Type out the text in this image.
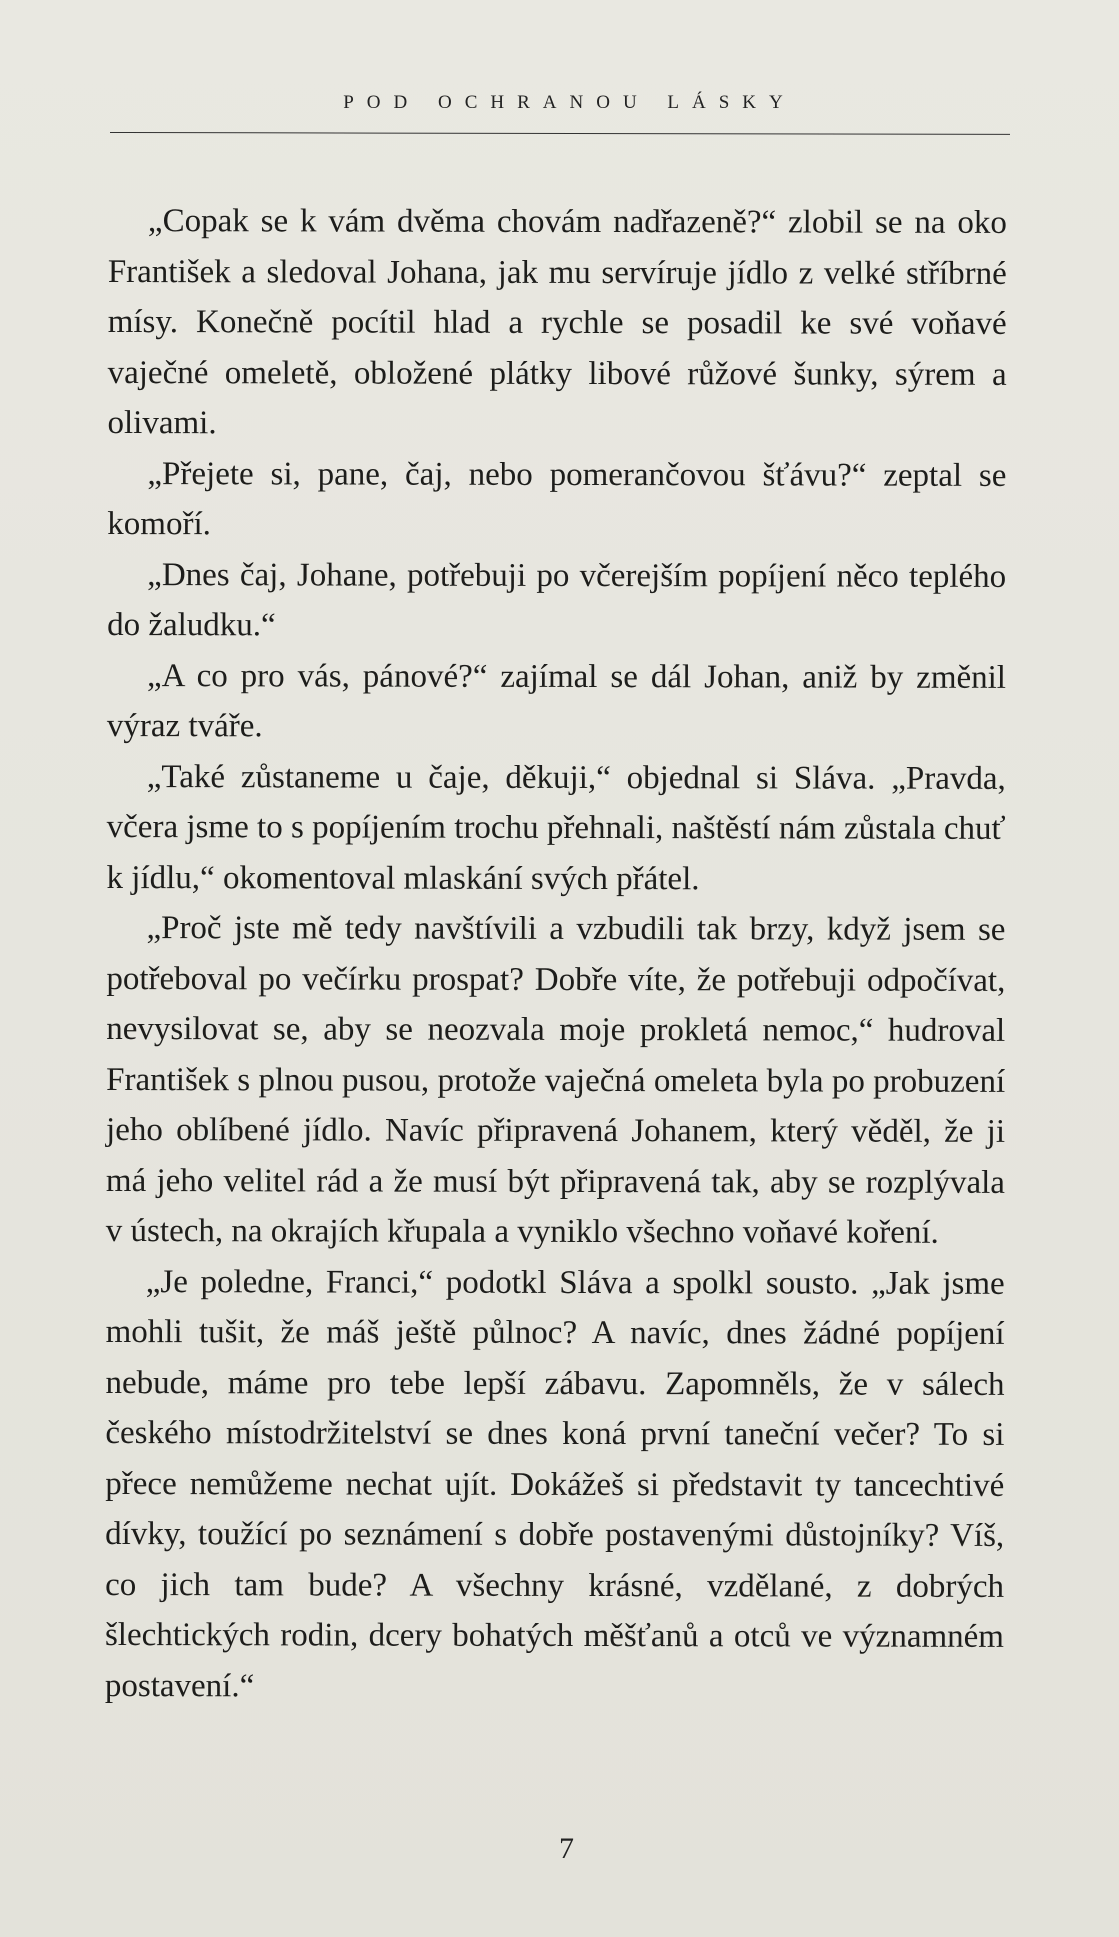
POD OCHRANOU LÁSKY

„Copak se k vám dvěma chovám nadřazeně?“ zlobil se na oko František a sledoval Johana, jak mu servíruje jídlo z velké stříbrné mísy. Konečně pocítil hlad a rychle se posadil ke své voňavé vaječné omeletě, obložené plátky libové růžové šunky, sýrem a olivami.

„Přejete si, pane, čaj, nebo pomerančovou šťávu?“ zeptal se komoří.

„Dnes čaj, Johane, potřebuji po včerejším popíjení něco teplého do žaludku.“

„A co pro vás, pánové?“ zajímal se dál Johan, aniž by změnil výraz tváře.

„Také zůstaneme u čaje, děkuji,“ objednal si Sláva. „Pravda, včera jsme to s popíjením trochu přehnali, naštěstí nám zůstala chuť k jídlu,“ okomentoval mlaskání svých přátel.

„Proč jste mě tedy navštívili a vzbudili tak brzy, když jsem se potřeboval po večírku prospat? Dobře víte, že potřebuji odpočívat, nevysilovat se, aby se neozvala moje prokletá nemoc,“ hudroval František s plnou pusou, protože vaječná omeleta byla po probuzení jeho oblíbené jídlo. Navíc připravená Johanem, který věděl, že ji má jeho velitel rád a že musí být připravená tak, aby se rozplývala v ústech, na okrajích křupala a vyniklo všechno voňavé koření.

„Je poledne, Franci,“ podotkl Sláva a spolkl sousto. „Jak jsme mohli tušit, že máš ještě půlnoc? A navíc, dnes žádné popíjení nebude, máme pro tebe lepší zábavu. Zapomněls, že v sálech českého místodržitelství se dnes koná první taneční večer? To si přece nemůžeme nechat ujít. Dokážeš si představit ty tancechtivé dívky, toužící po seznámení s dobře postavenými důstojníky? Víš, co jich tam bude? A všechny krásné, vzdělané, z dobrých šlechtických rodin, dcery bohatých měšťanů a otců ve významném postavení.“

7
